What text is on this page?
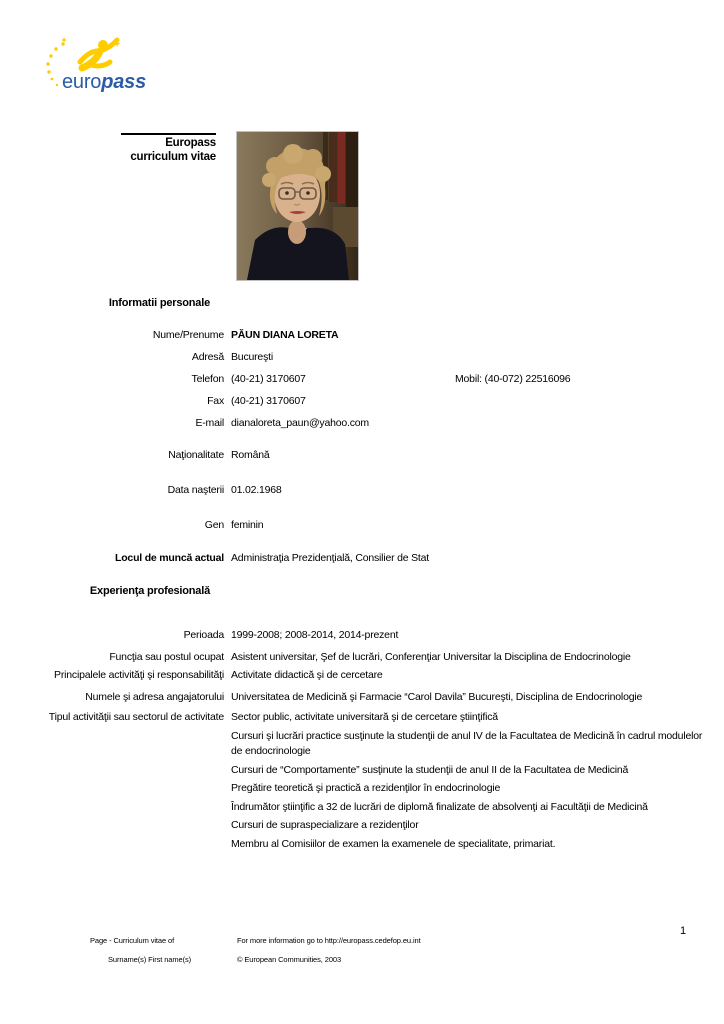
europass
Europass
curriculum vitae
Informatii personale
Nume/Prenume PĂUN DIANA LORETA
Adresă Bucureşti
Telefon (40-21) 3170607	Mobil: (40-072) 22516096
Fax (40-21) 3170607
E-mail dianaloreta_paun@yahoo.com
Naţionalitate Română
Data naşterii 01.02.1968
Gen feminin
Locul de muncă actual Administraţia Prezidenţială, Consilier de Stat
Experienţa profesională
Perioada 1999-2008; 2008-2014, 2014-prezent
Funcţia sau postul ocupat Asistent universitar, Şef de lucrări, Conferenţiar Universitar la Disciplina de Endocrinologie
Principalele activităţi şi responsabilităţi Activitate didactică şi de cercetare
Numele şi adresa angajatorului Universitatea de Medicină şi Farmacie “Carol Davila” Bucureşti, Disciplina de Endocrinologie
Tipul activităţii sau sectorul de activitate Sector public, activitate universitară şi de cercetare ştiinţifică

Cursuri şi lucrări practice susţinute la studenţii de anul IV de la Facultatea de Medicină în cadrul modulelor de endocrinologie

Cursuri de “Comportamente” susţinute la studenţii de anul II de la Facultatea de Medicină

Pregătire teoretică şi practică a rezidenţilor în endocrinologie

Îndrumător ştiinţific a 32 de lucrări de diplomă finalizate de absolvenţi ai Facultăţii de Medicină

Cursuri de supraspecializare a rezidenţilor

Membru al Comisiilor de examen la examenele de specialitate, primariat.

Page - Curriculum vitae of

Surname(s) First name(s)

For more information go to http://europass.cedefop.eu.int

© European Communities, 2003

1
